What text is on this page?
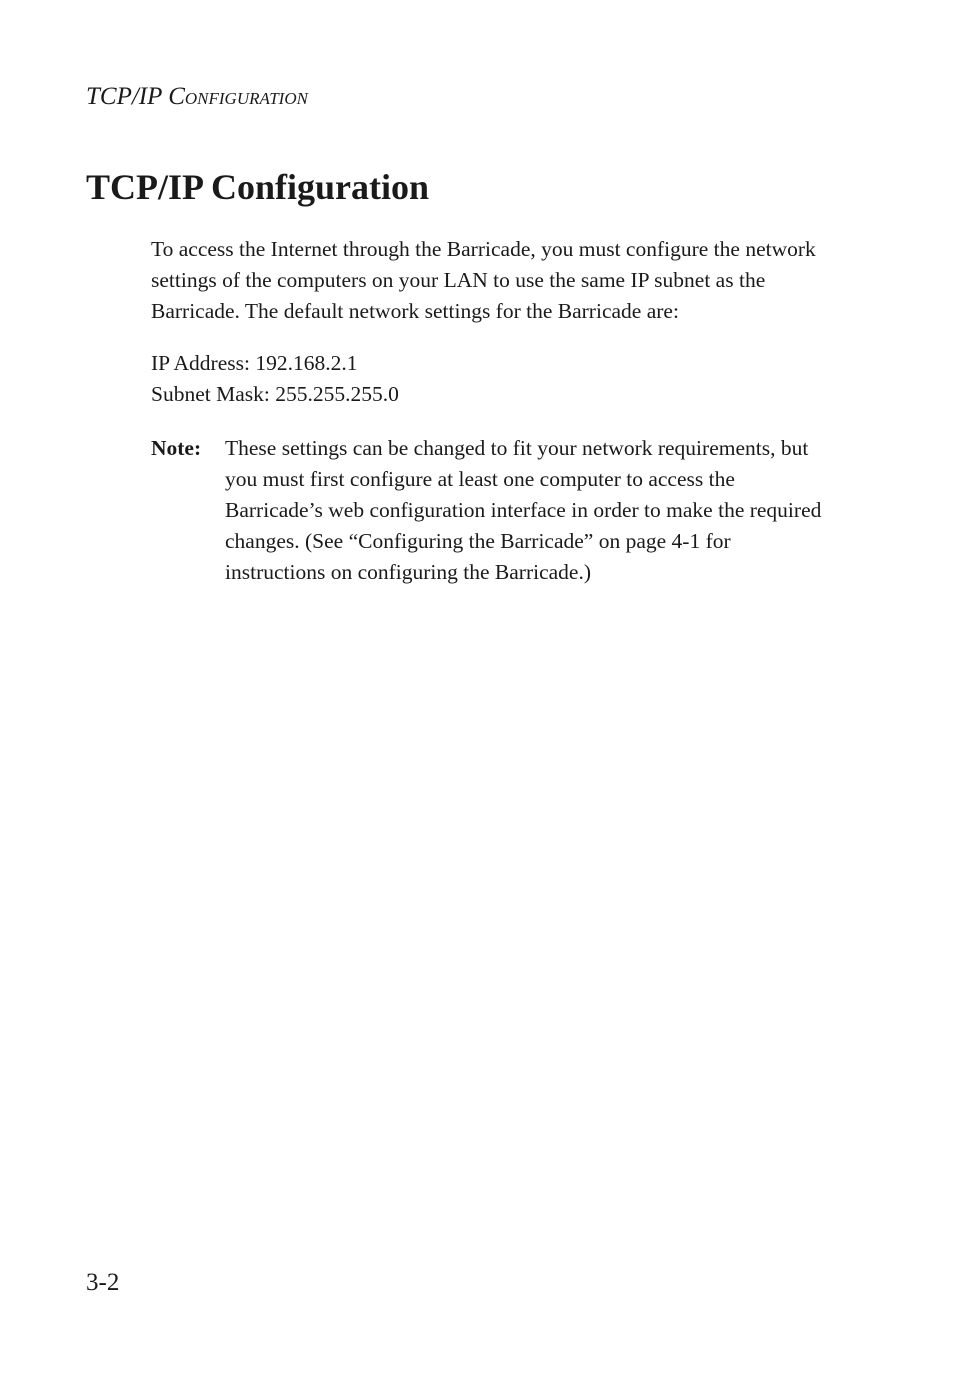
TCP/IP CONFIGURATION
TCP/IP Configuration

To access the Internet through the Barricade, you must configure the network settings of the computers on your LAN to use the same IP subnet as the Barricade. The default network settings for the Barricade are:

IP Address: 192.168.2.1
Subnet Mask: 255.255.255.0
Note:	These settings can be changed to fit your network requirements, but you must first configure at least one computer to access the Barricade’s web configuration interface in order to make the required changes. (See “Configuring the Barricade” on page 4-1 for instructions on configuring the Barricade.)
3-2
